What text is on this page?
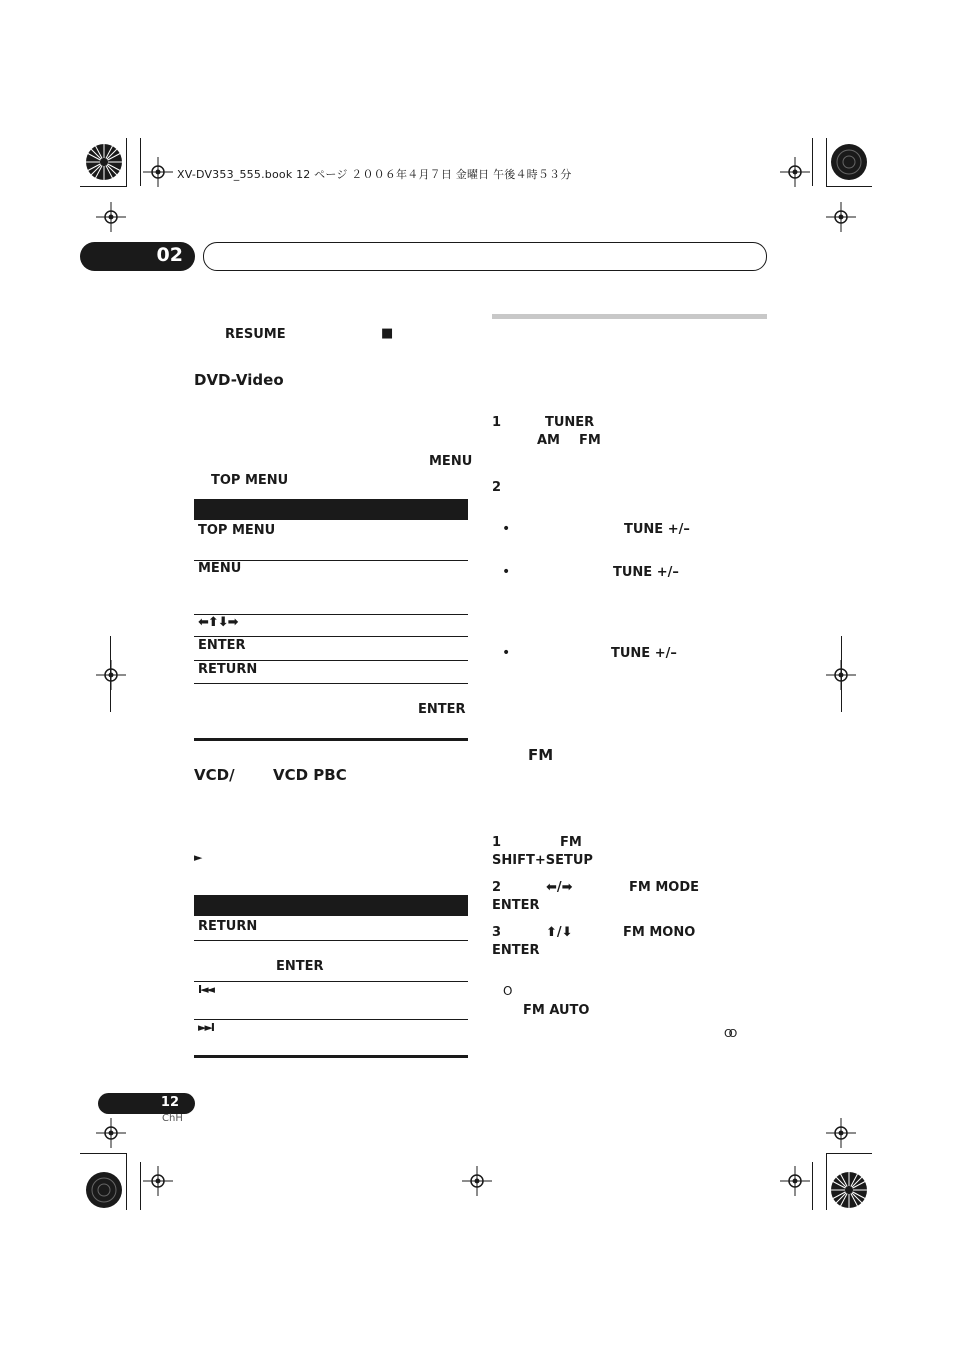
XV-DV353_555.book 12 ページ ２００６年４月７日 金曜日 午後４時５３分
02
RESUME	■
DVD-Video
MENU
TOP MENU
TOP MENU
MENU
⬅⬆⬇➡
ENTER
RETURN
ENTER
VCD/	VCD PBC
►
RETURN
ENTER
I◄◄
►►I
1	TUNER
AM FM
2
•	TUNE +/–
•	TUNE +/–
•	TUNE +/–
FM
1	FM
SHIFT+SETUP
2	⬅/➡	FM MODE
ENTER
3	⬆/⬇	FM MONO
ENTER
O
FM AUTO
OO
12
ChH
